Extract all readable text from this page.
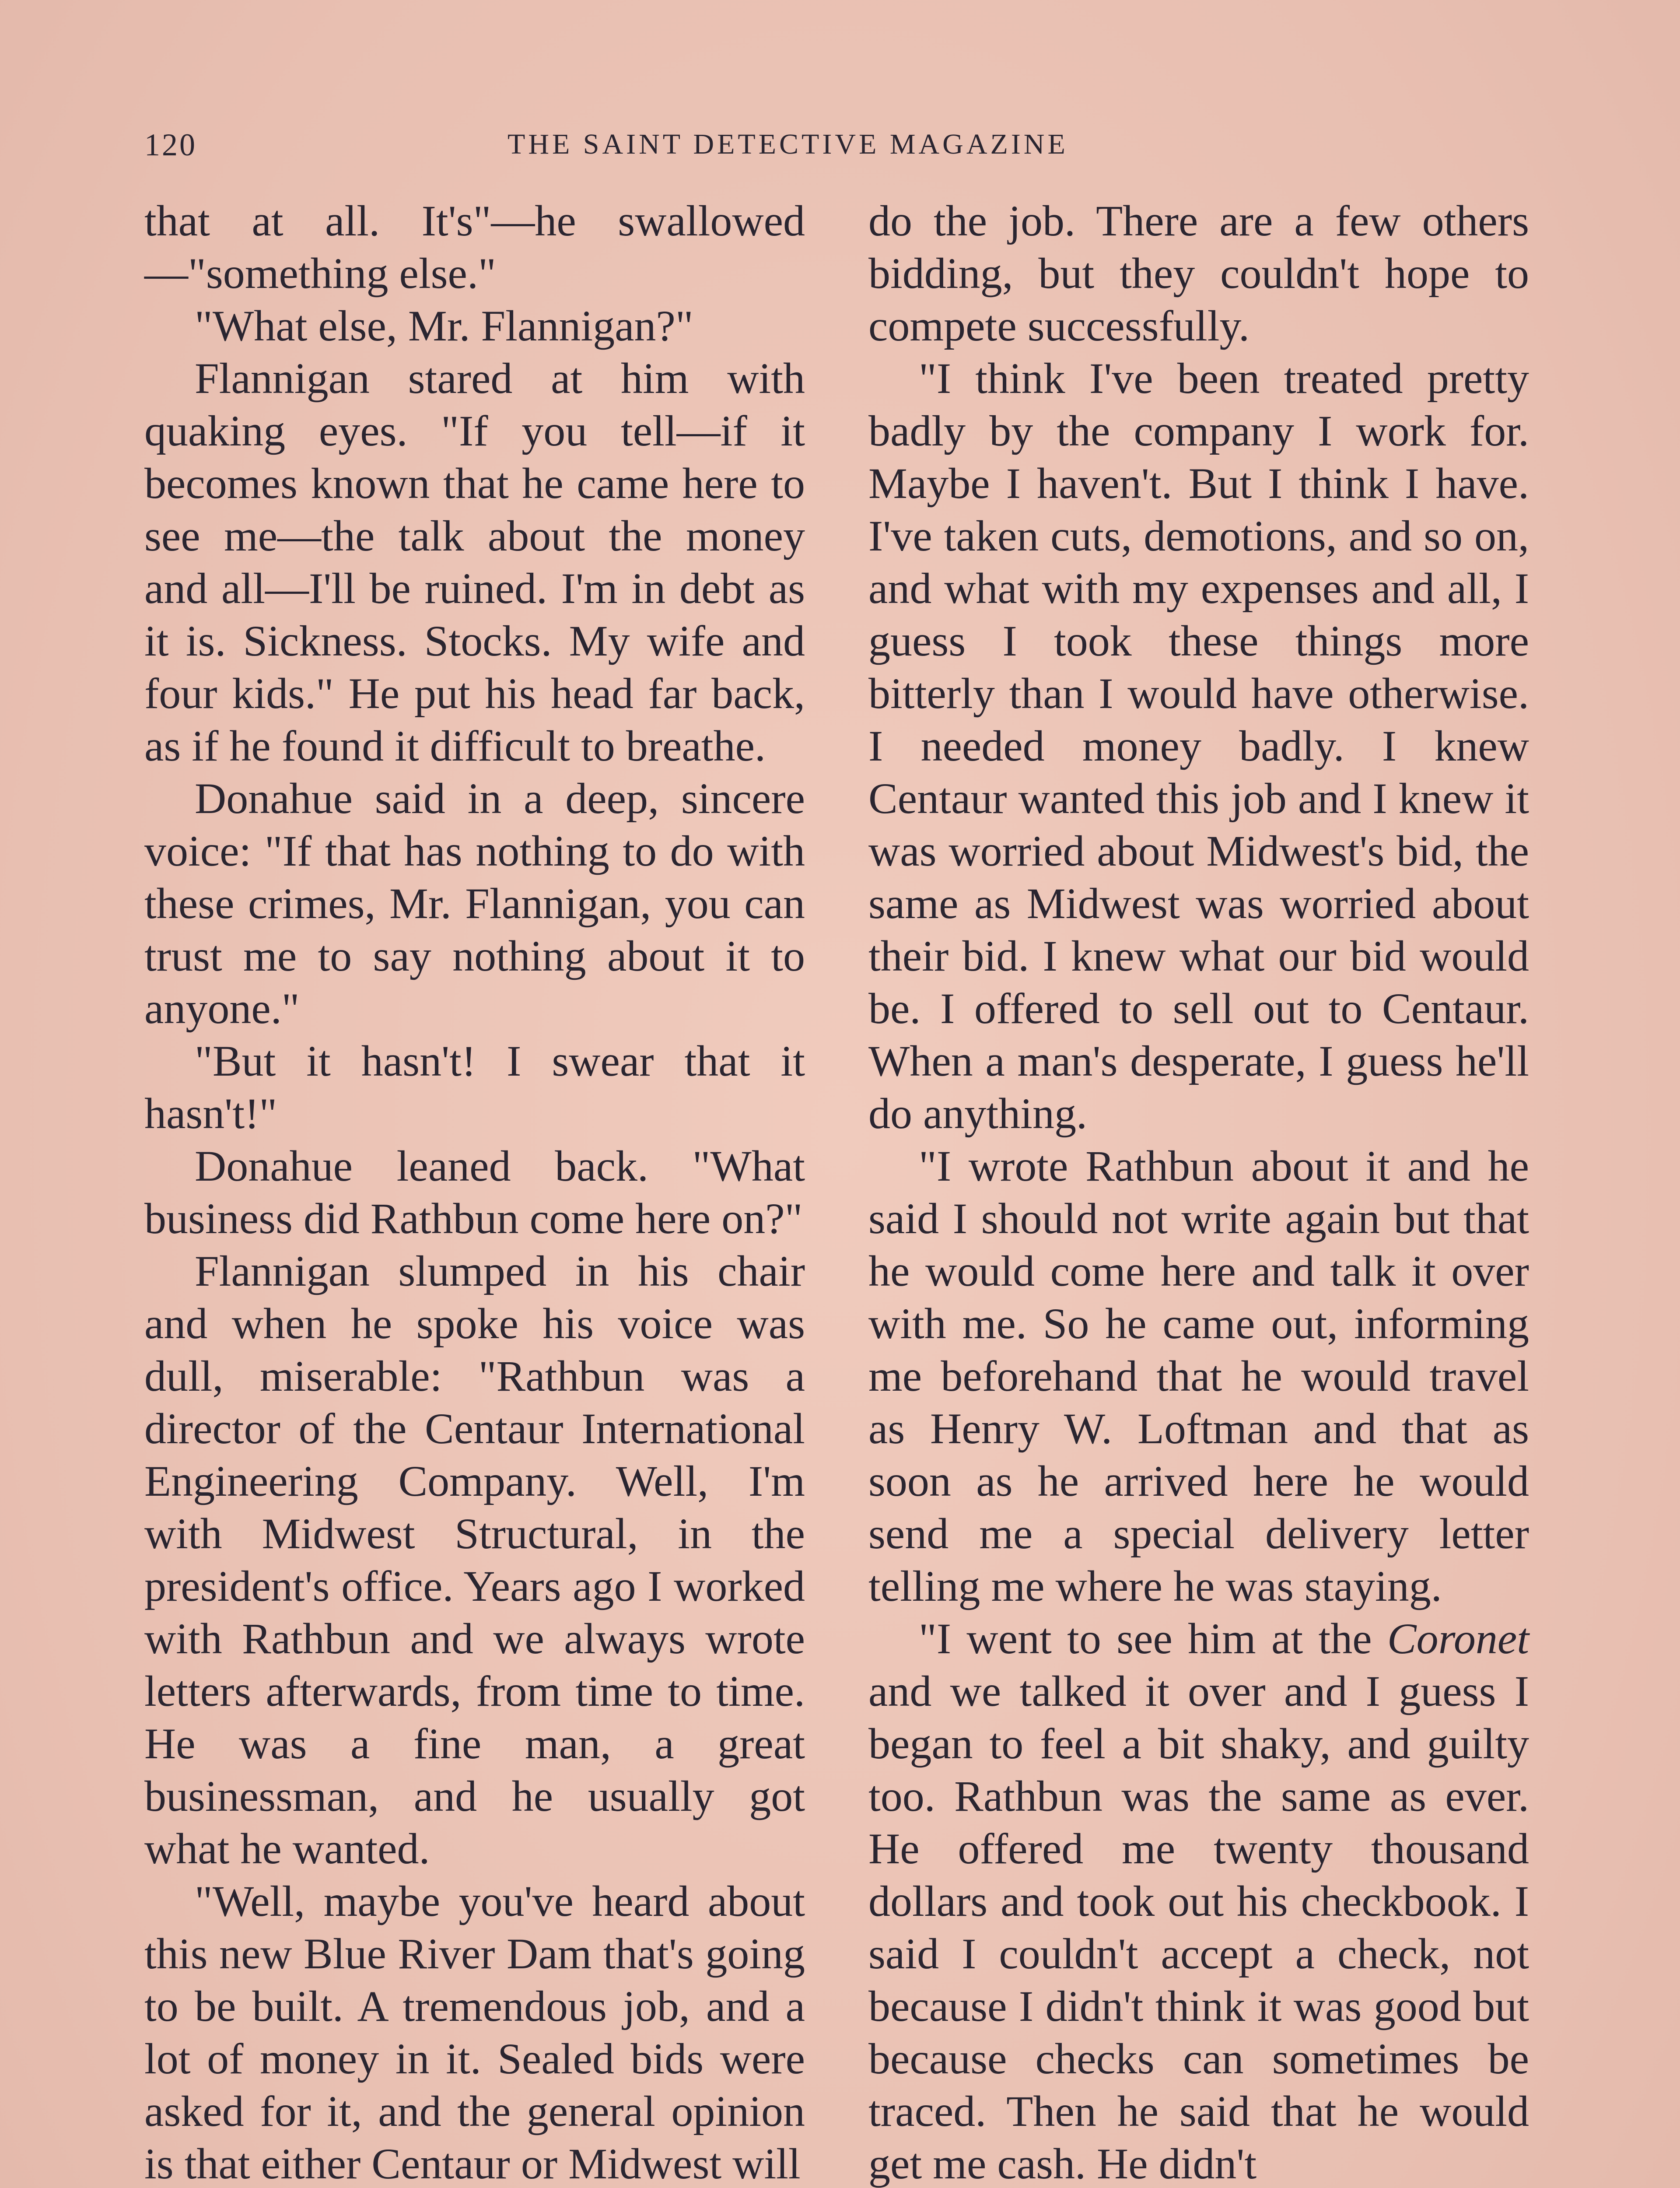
120	THE SAINT DETECTIVE MAGAZINE

that at all. It's"—he swallowed —"something else."

"What else, Mr. Flannigan?"

Flannigan stared at him with quaking eyes. "If you tell—if it becomes known that he came here to see me—the talk about the money and all—I'll be ruined. I'm in debt as it is. Sickness. Stocks. My wife and four kids." He put his head far back, as if he found it difficult to breathe.

Donahue said in a deep, sincere voice: "If that has nothing to do with these crimes, Mr. Flannigan, you can trust me to say nothing about it to anyone."

"But it hasn't! I swear that it hasn't!"

Donahue leaned back. "What business did Rathbun come here on?"

Flannigan slumped in his chair and when he spoke his voice was dull, miserable: "Rathbun was a director of the Centaur International Engineering Company. Well, I'm with Midwest Structural, in the president's office. Years ago I worked with Rathbun and we always wrote letters afterwards, from time to time. He was a fine man, a great businessman, and he usually got what he wanted.

"Well, maybe you've heard about this new Blue River Dam that's going to be built. A tremendous job, and a lot of money in it. Sealed bids were asked for it, and the general opinion is that either Centaur or Midwest will

do the job. There are a few others bidding, but they couldn't hope to compete successfully.

"I think I've been treated pretty badly by the company I work for. Maybe I haven't. But I think I have. I've taken cuts, demotions, and so on, and what with my expenses and all, I guess I took these things more bitterly than I would have otherwise. I needed money badly. I knew Centaur wanted this job and I knew it was worried about Midwest's bid, the same as Midwest was worried about their bid. I knew what our bid would be. I offered to sell out to Centaur. When a man's desperate, I guess he'll do anything.

"I wrote Rathbun about it and he said I should not write again but that he would come here and talk it over with me. So he came out, informing me beforehand that he would travel as Henry W. Loftman and that as soon as he arrived here he would send me a special delivery letter telling me where he was staying.

"I went to see him at the Coronet and we talked it over and I guess I began to feel a bit shaky, and guilty too. Rathbun was the same as ever. He offered me twenty thousand dollars and took out his checkbook. I said I couldn't accept a check, not because I didn't think it was good but because checks can sometimes be traced. Then he said that he would get me cash. He didn't
